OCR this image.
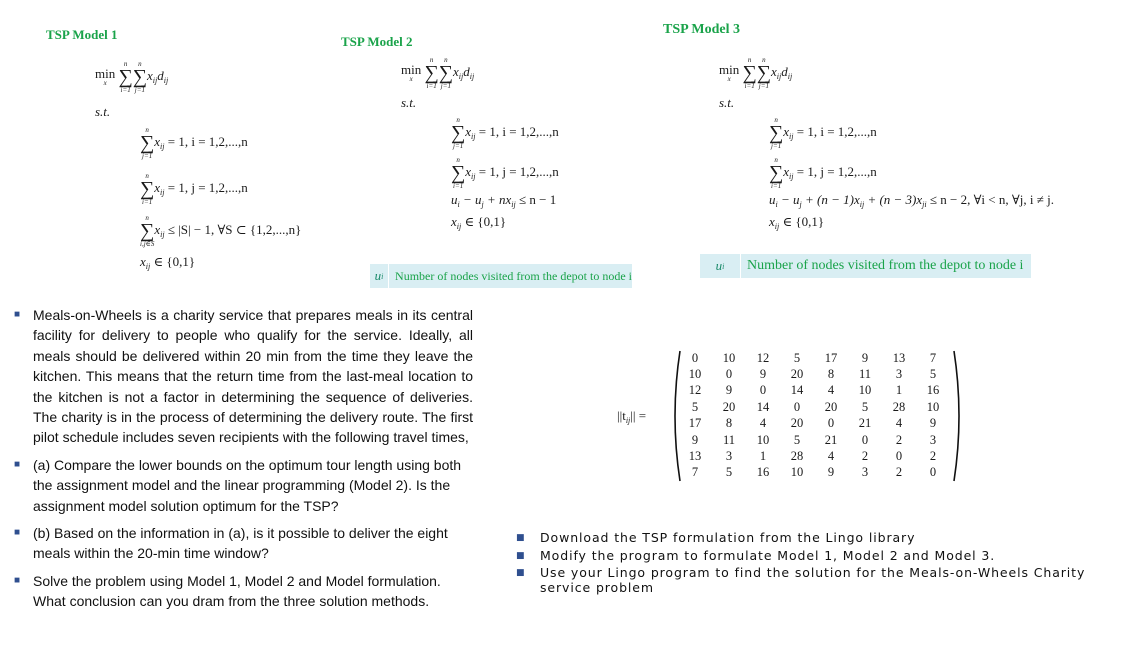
TSP Model 1	TSP Model 2
TSP Model 3
min
x

n
∑
i=1
n
∑
j=1
$x_{ij}d_{ij}$
s.t.
n
∑
j=1
$x_{ij} = 1$, i = 1,2,...,n
n
∑
i=1
$x_{ij} = 1$, j = 1,2,...,n
n
∑
i,j∈S
$x_{ij} \le |S| - 1$, ∀S ⊂ {1,2,...,n}
$x_{ij}$ ∈ {0,1}
min
x

n
∑
i=1
n
∑
j=1
$x_{ij}d_{ij}$
s.t.
n
∑
j=1
$x_{ij} = 1$, i = 1,2,...,n
n
∑
i=1
$x_{ij} = 1$, j = 1,2,...,n
$u_i - u_j + nx_{ij} \le n - 1$
$x_{ij}$ ∈ {0,1}
u i Number of nodes visited from the depot to node i
min
x

n
∑
i=1
n
∑
j=1
$x_{ij}d_{ij}$
s.t.
n
∑
j=1
$x_{ij} = 1$, i = 1,2,...,n
n
∑
i=1
$x_{ij} = 1$, j = 1,2,...,n
$u_i - u_j + (n - 1)x_{ij} + (n - 3)x_{ji} \le n - 2$, ∀i < n, ∀j, i ≠ j.
$x_{ij}$ ∈ {0,1}
u i	Number of nodes visited from the depot to node i
■ Meals-on-Wheels is a charity service that prepares meals in its central facility for delivery to people who qualify for the service. Ideally, all meals should be delivered within 20 min from the time they leave the kitchen. This means that the return time from the last-meal location to the kitchen is not a factor in determining the sequence of deliveries. The charity is in the process of determining the delivery route. The first pilot schedule includes seven recipients with the following travel times,
■ (a) Compare the lower bounds on the optimum tour length using both the assignment model and the linear programming (Model 2). Is the assignment model solution optimum for the TSP?
■ (b) Based on the information in (a), is it possible to deliver the eight meals within the 20-min time window?
■ Solve the problem using Model 1, Model 2 and Model formulation. What conclusion can you dram from the three solution methods.
$||t_{ij}||$ =
0	10	12	5	17	9	13	7
10	0	9	20	8	11	3	5
12	9	0	14	4	10	1	16
5	20	14	0	20	5	28	10
17	8	4	20	0	21	4	9
9	11	10	5	21	0	2	3
13	3	1	28	4	2	0	2
7	5	16	10	9	3	2	0
■ Download the TSP formulation from the Lingo library
■ Modify the program to formulate Model 1, Model 2 and Model 3.
■ Use your Lingo program to find the solution for the Meals-on-Wheels Charity service problem
